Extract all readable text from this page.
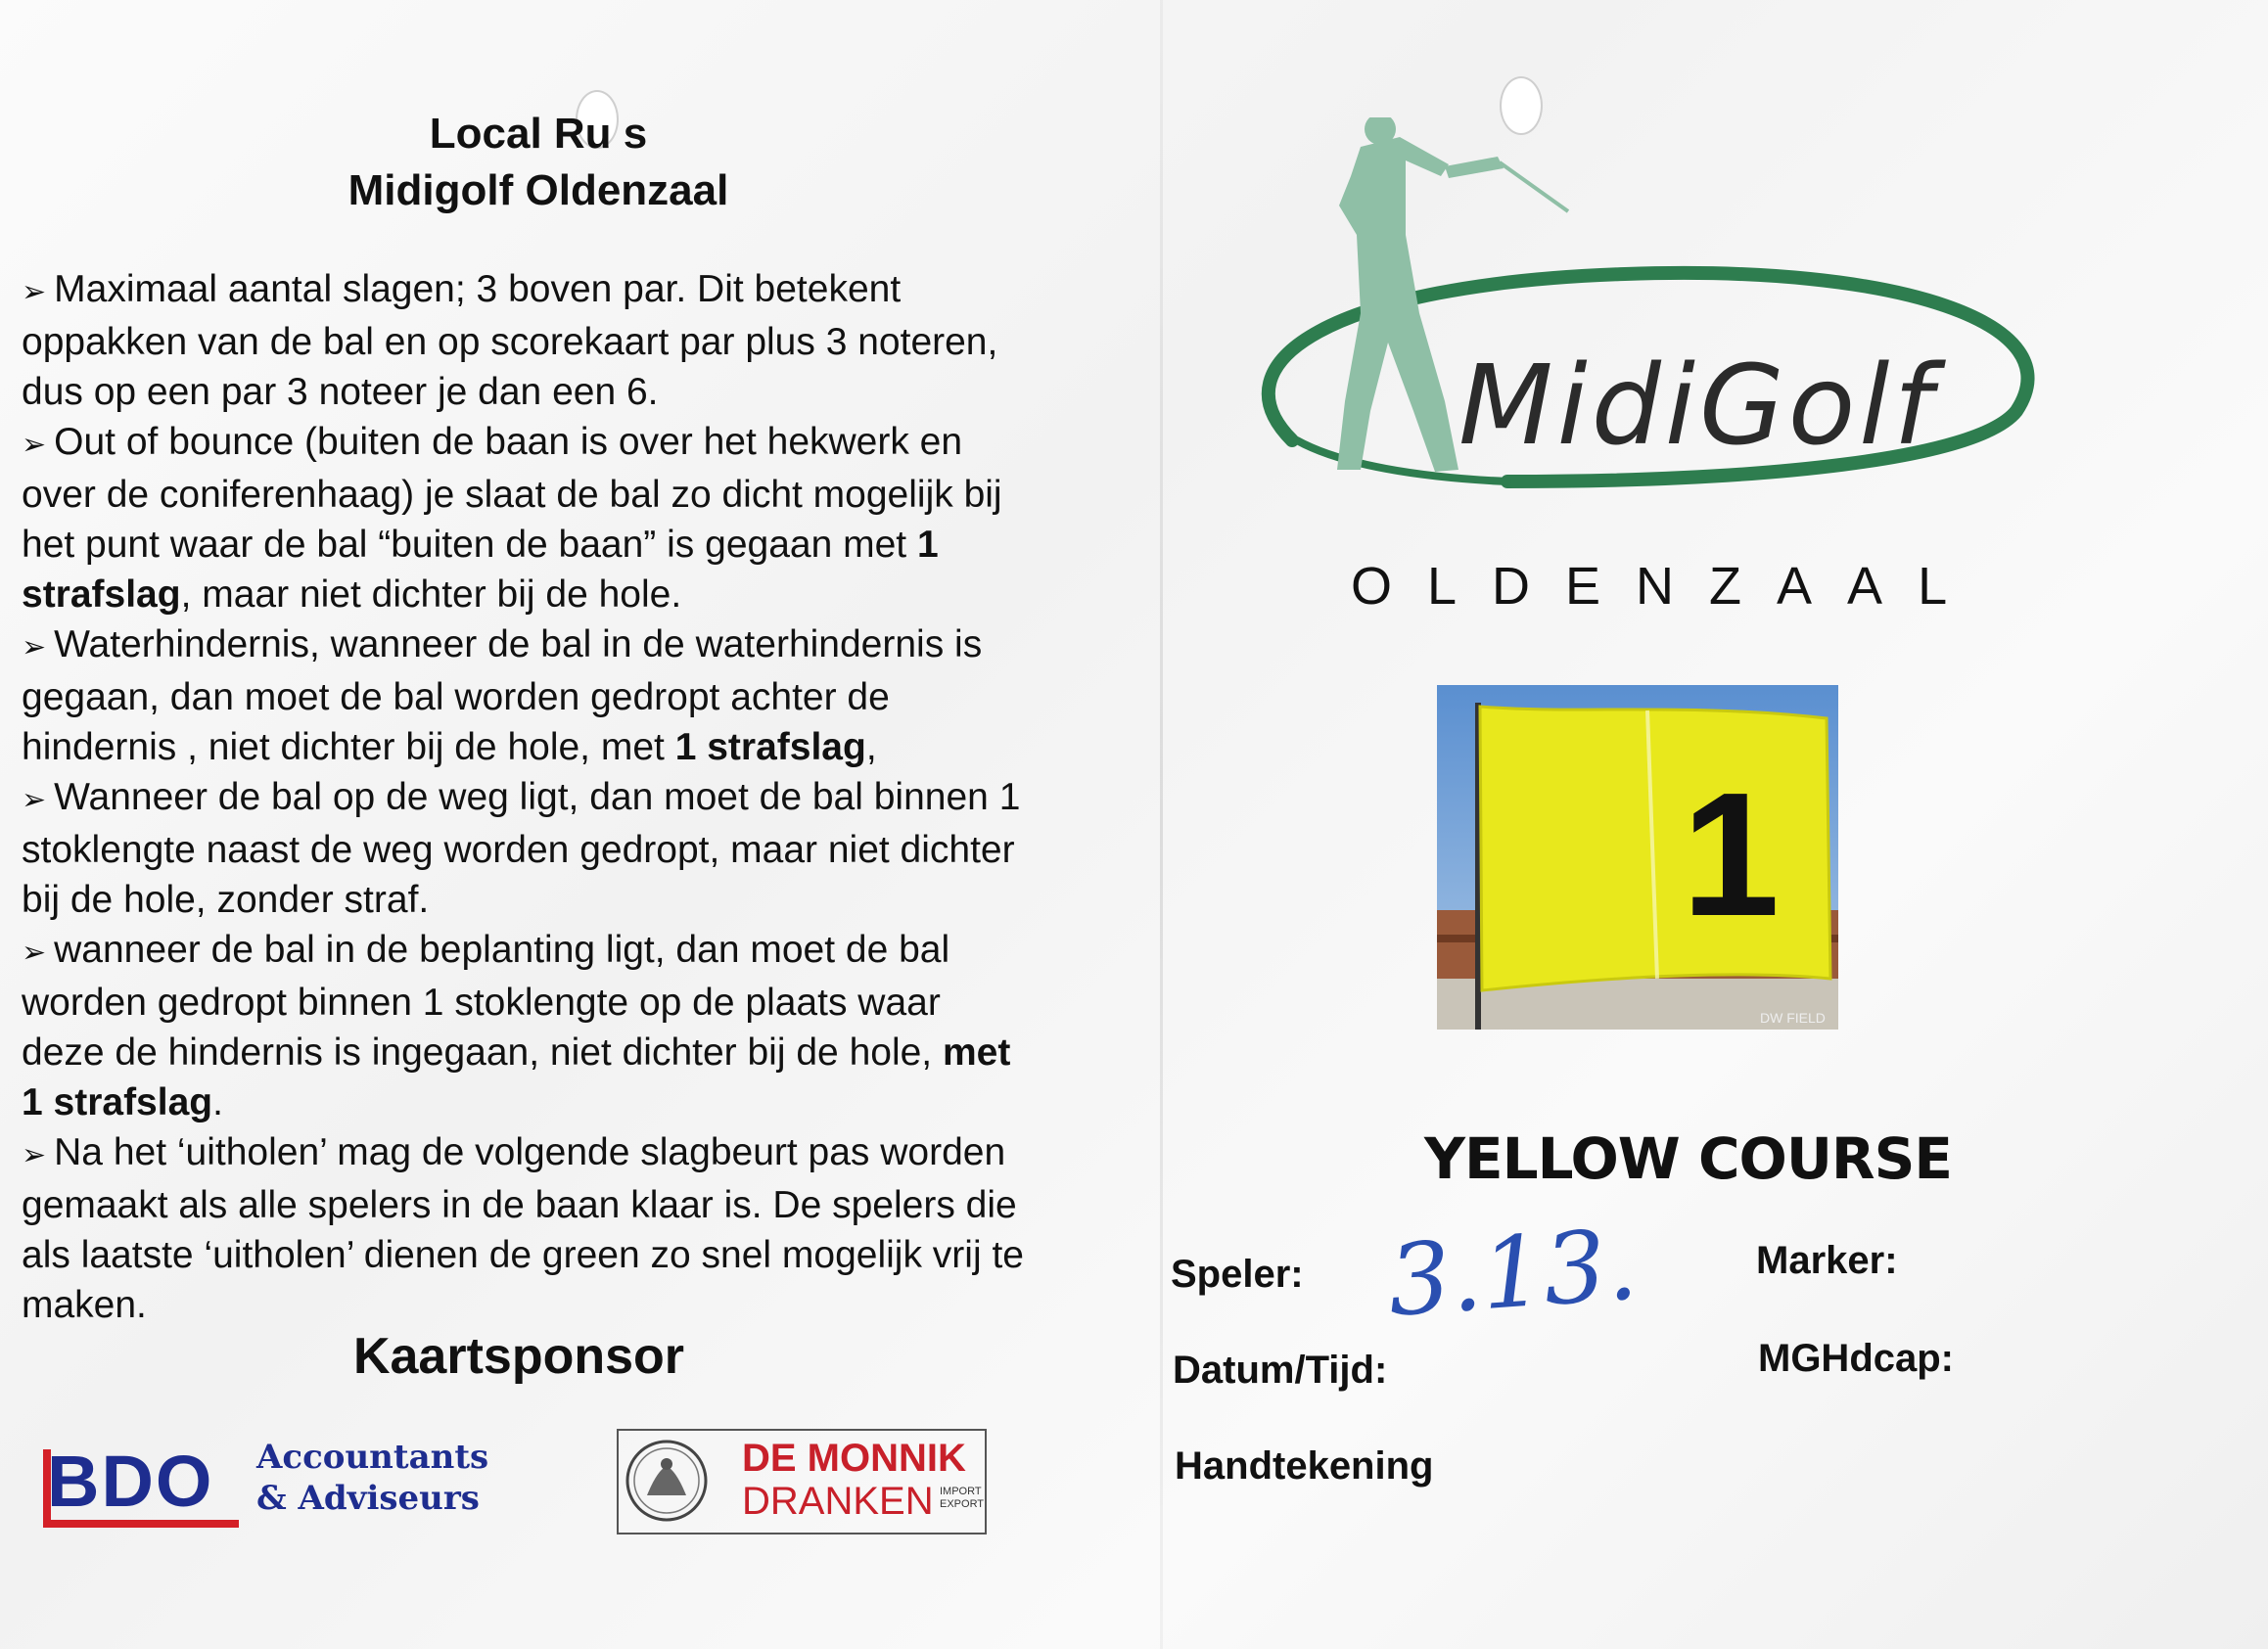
Local Ru s
Midigolf Oldenzaal

➢ Maximaal aantal slagen; 3 boven par. Dit betekent oppakken van de bal en op scorekaart par plus 3 noteren, dus op een par 3 noteer je dan een 6.

➢ Out of bounce (buiten de baan is over het hekwerk en over de coniferenhaag) je slaat de bal zo dicht mogelijk bij het punt waar de bal “buiten de baan” is gegaan met 1 strafslag, maar niet dichter bij de hole.

➢ Waterhindernis, wanneer de bal in de waterhindernis is gegaan, dan moet de bal worden gedropt achter de hindernis , niet dichter bij de hole, met 1 strafslag,

➢ Wanneer de bal op de weg ligt, dan moet de bal binnen 1 stoklengte naast de weg worden gedropt, maar niet dichter bij de hole, zonder straf.

➢ wanneer de bal in de beplanting ligt, dan moet de bal worden gedropt binnen 1 stoklengte op de plaats waar deze de hindernis is ingegaan, niet dichter bij de hole, met 1 strafslag.

➢ Na het ‘uitholen’ mag de volgende slagbeurt pas worden gemaakt als alle spelers in de baan klaar is. De spelers die als laatste ‘uitholen’ dienen de green zo snel mogelijk vrij te maken.

Kaartsponsor
BDO Accountants
& Adviseurs
DE MONNIK
DRANKEN IMPORT
EXPORT
MidiGolf
OLDENZAAL
1
DW FIELD
YELLOW COURSE
Speler:
Datum/Tijd:
Handtekening
Marker:
MGHdcap:
3.13.
